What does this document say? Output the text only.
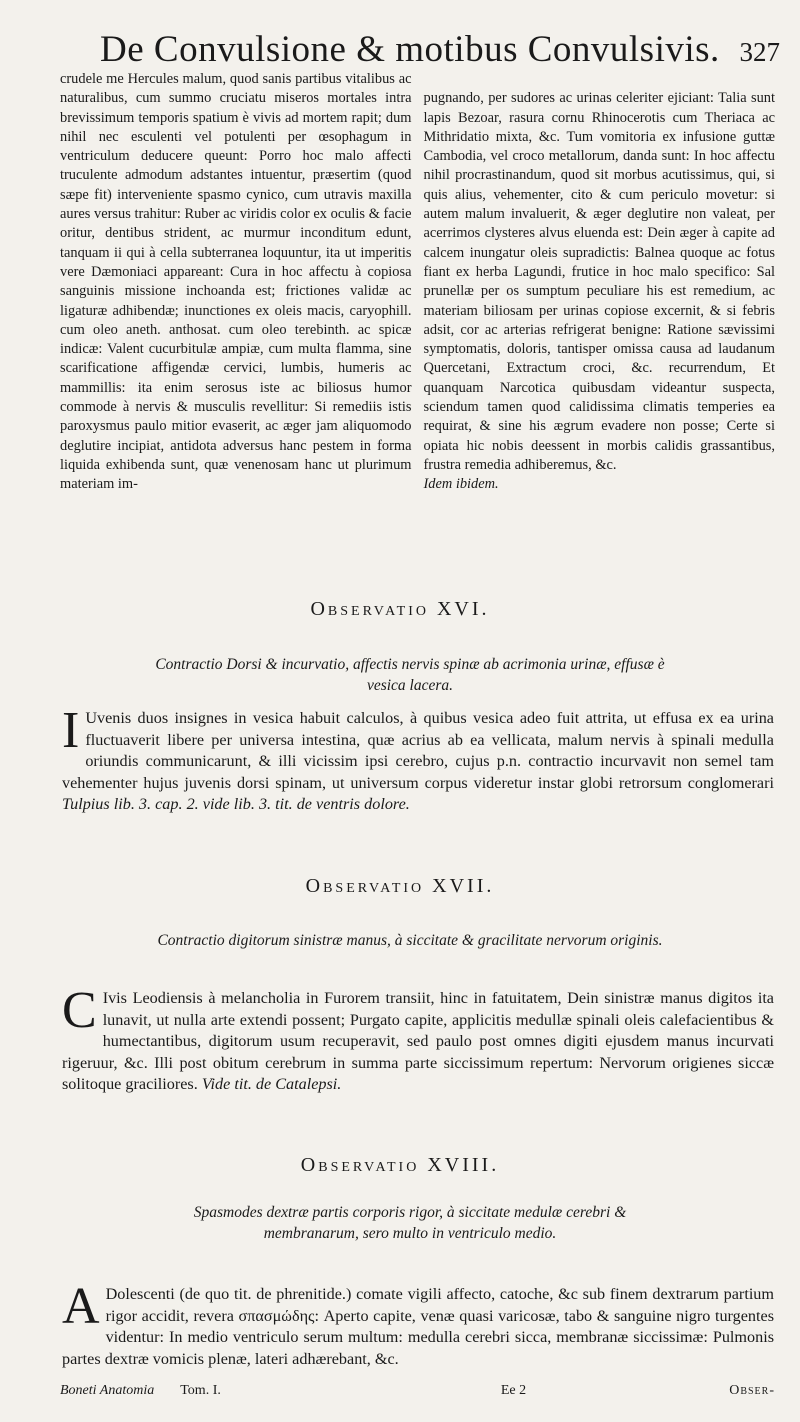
De Convulsione & motibus Convulsivis. 327
crudele me Hercules malum, quod sanis partibus vitalibus ac naturalibus, cum summo cruciatu miseros mortales intra brevissimum temporis spatium è vivis ad mortem rapit; dum nihil nec esculenti vel potulenti per œsophagum in ventriculum deducere queunt: Porro hoc malo affecti truculente admodum adstantes intuentur, præsertim (quod sæpe fit) interveniente spasmo cynico, cum utravis maxilla aures versus trahitur: Ruber ac viridis color ex oculis & facie oritur, dentibus strident, ac murmur inconditum edunt, tanquam ii qui à cella subterranea loquuntur, ita ut imperitis vere Dæmoniaci appareant: Cura in hoc affectu à copiosa sanguinis missione inchoanda est; frictiones validæ ac ligaturæ adhibendæ; inunctiones ex oleis macis, caryophill. cum oleo aneth. anthosat. cum oleo terebinth. ac spicæ indicæ: Valent cucurbitulæ ampiæ, cum multa flamma, sine scarificatione affigendæ cervici, lumbis, humeris ac mammillis: ita enim serosus iste ac biliosus humor commode à nervis & musculis revellitur: Si remediis istis paroxysmus paulo mitior evaserit, ac æger jam aliquomodo deglutire incipiat, antidota adversus hanc pestem in forma liquida exhibenda sunt, quæ venenosam hanc ut plurimum materiam im-

pugnando, per sudores ac urinas celeriter ejiciant: Talia sunt lapis Bezoar, rasura cornu Rhinocerotis cum Theriaca ac Mithridatio mixta, &c. Tum vomitoria ex infusione guttæ Cambodia, vel croco metallorum, danda sunt: In hoc affectu nihil procrastinandum, quod sit morbus acutissimus, qui, si quis alius, vehementer, cito & cum periculo movetur: si autem malum invaluerit, & æger deglutire non valeat, per acerrimos clysteres alvus eluenda est: Dein æger à capite ad calcem inungatur oleis supradictis: Balnea quoque ac fotus fiant ex herba Lagundi, frutice in hoc malo specifico: Sal prunellæ per os sumptum peculiare his est remedium, ac materiam biliosam per urinas copiose excernit, & si febris adsit, cor ac arterias refrigerat benigne: Ratione sævissimi symptomatis, doloris, tantisper omissa causa ad laudanum Quercetani, Extractum croci, &c. recurrendum, Et quanquam Narcotica quibusdam videantur suspecta, sciendum tamen quod calidissima climatis temperies ea requirat, & sine his ægrum evadere non posse; Certe si opiata hic nobis deessent in morbis calidis grassantibus, frustra remedia adhiberemus, &c.

Idem ibidem.

Observatio XVI.
Contractio Dorsi & incurvatio, affectis nervis spinæ ab acrimonia urinæ, effusæ è vesica lacera.
I Uvenis duos insignes in vesica habuit calculos, à quibus vesica adeo fuit attrita, ut effusa ex ea urina fluctuaverit libere per universa intestina, quæ acrius ab ea vellicata, malum nervis à spinali medulla oriundis communicarunt, & illi vicissim ipsi cerebro, cujus p.n. contractio incurvavit non semel tam vehementer hujus juvenis dorsi spinam, ut universum corpus videretur instar globi retrorsum conglomerari Tulpius lib. 3. cap. 2. vide lib. 3. tit. de ventris dolore.
Observatio XVII.
Contractio digitorum sinistræ manus, à siccitate & gracilitate nervorum originis.
C Ivis Leodiensis à melancholia in Furorem transiit, hinc in fatuitatem, Dein sinistræ manus digitos ita lunavit, ut nulla arte extendi possent; Purgato capite, applicitis medullæ spinali oleis calefacientibus & humectantibus, digitorum usum recuperavit, sed paulo post omnes digiti ejusdem manus incurvati rigeruur, &c. Illi post obitum cerebrum in summa parte siccissimum repertum: Nervorum origienes siccæ solitoque graciliores. Vide tit. de Catalepsi.
Observatio XVIII.
Spasmodes dextræ partis corporis rigor, à siccitate medulæ cerebri & membranarum, sero multo in ventriculo medio.
A Dolescenti (de quo tit. de phrenitide.) comate vigili affecto, catoche, &c sub finem dextrarum partium rigor accidit, revera σπασμώδης: Aperto capite, venæ quasi varicosæ, tabo & sanguine nigro turgentes videntur: In medio ventriculo serum multum: medulla cerebri sicca, membranæ siccissimæ: Pulmonis partes dextræ vomicis plenæ, lateri adhærebant, &c.
Boneti Anatomia Tom. I.	Ee 2	Obser-
